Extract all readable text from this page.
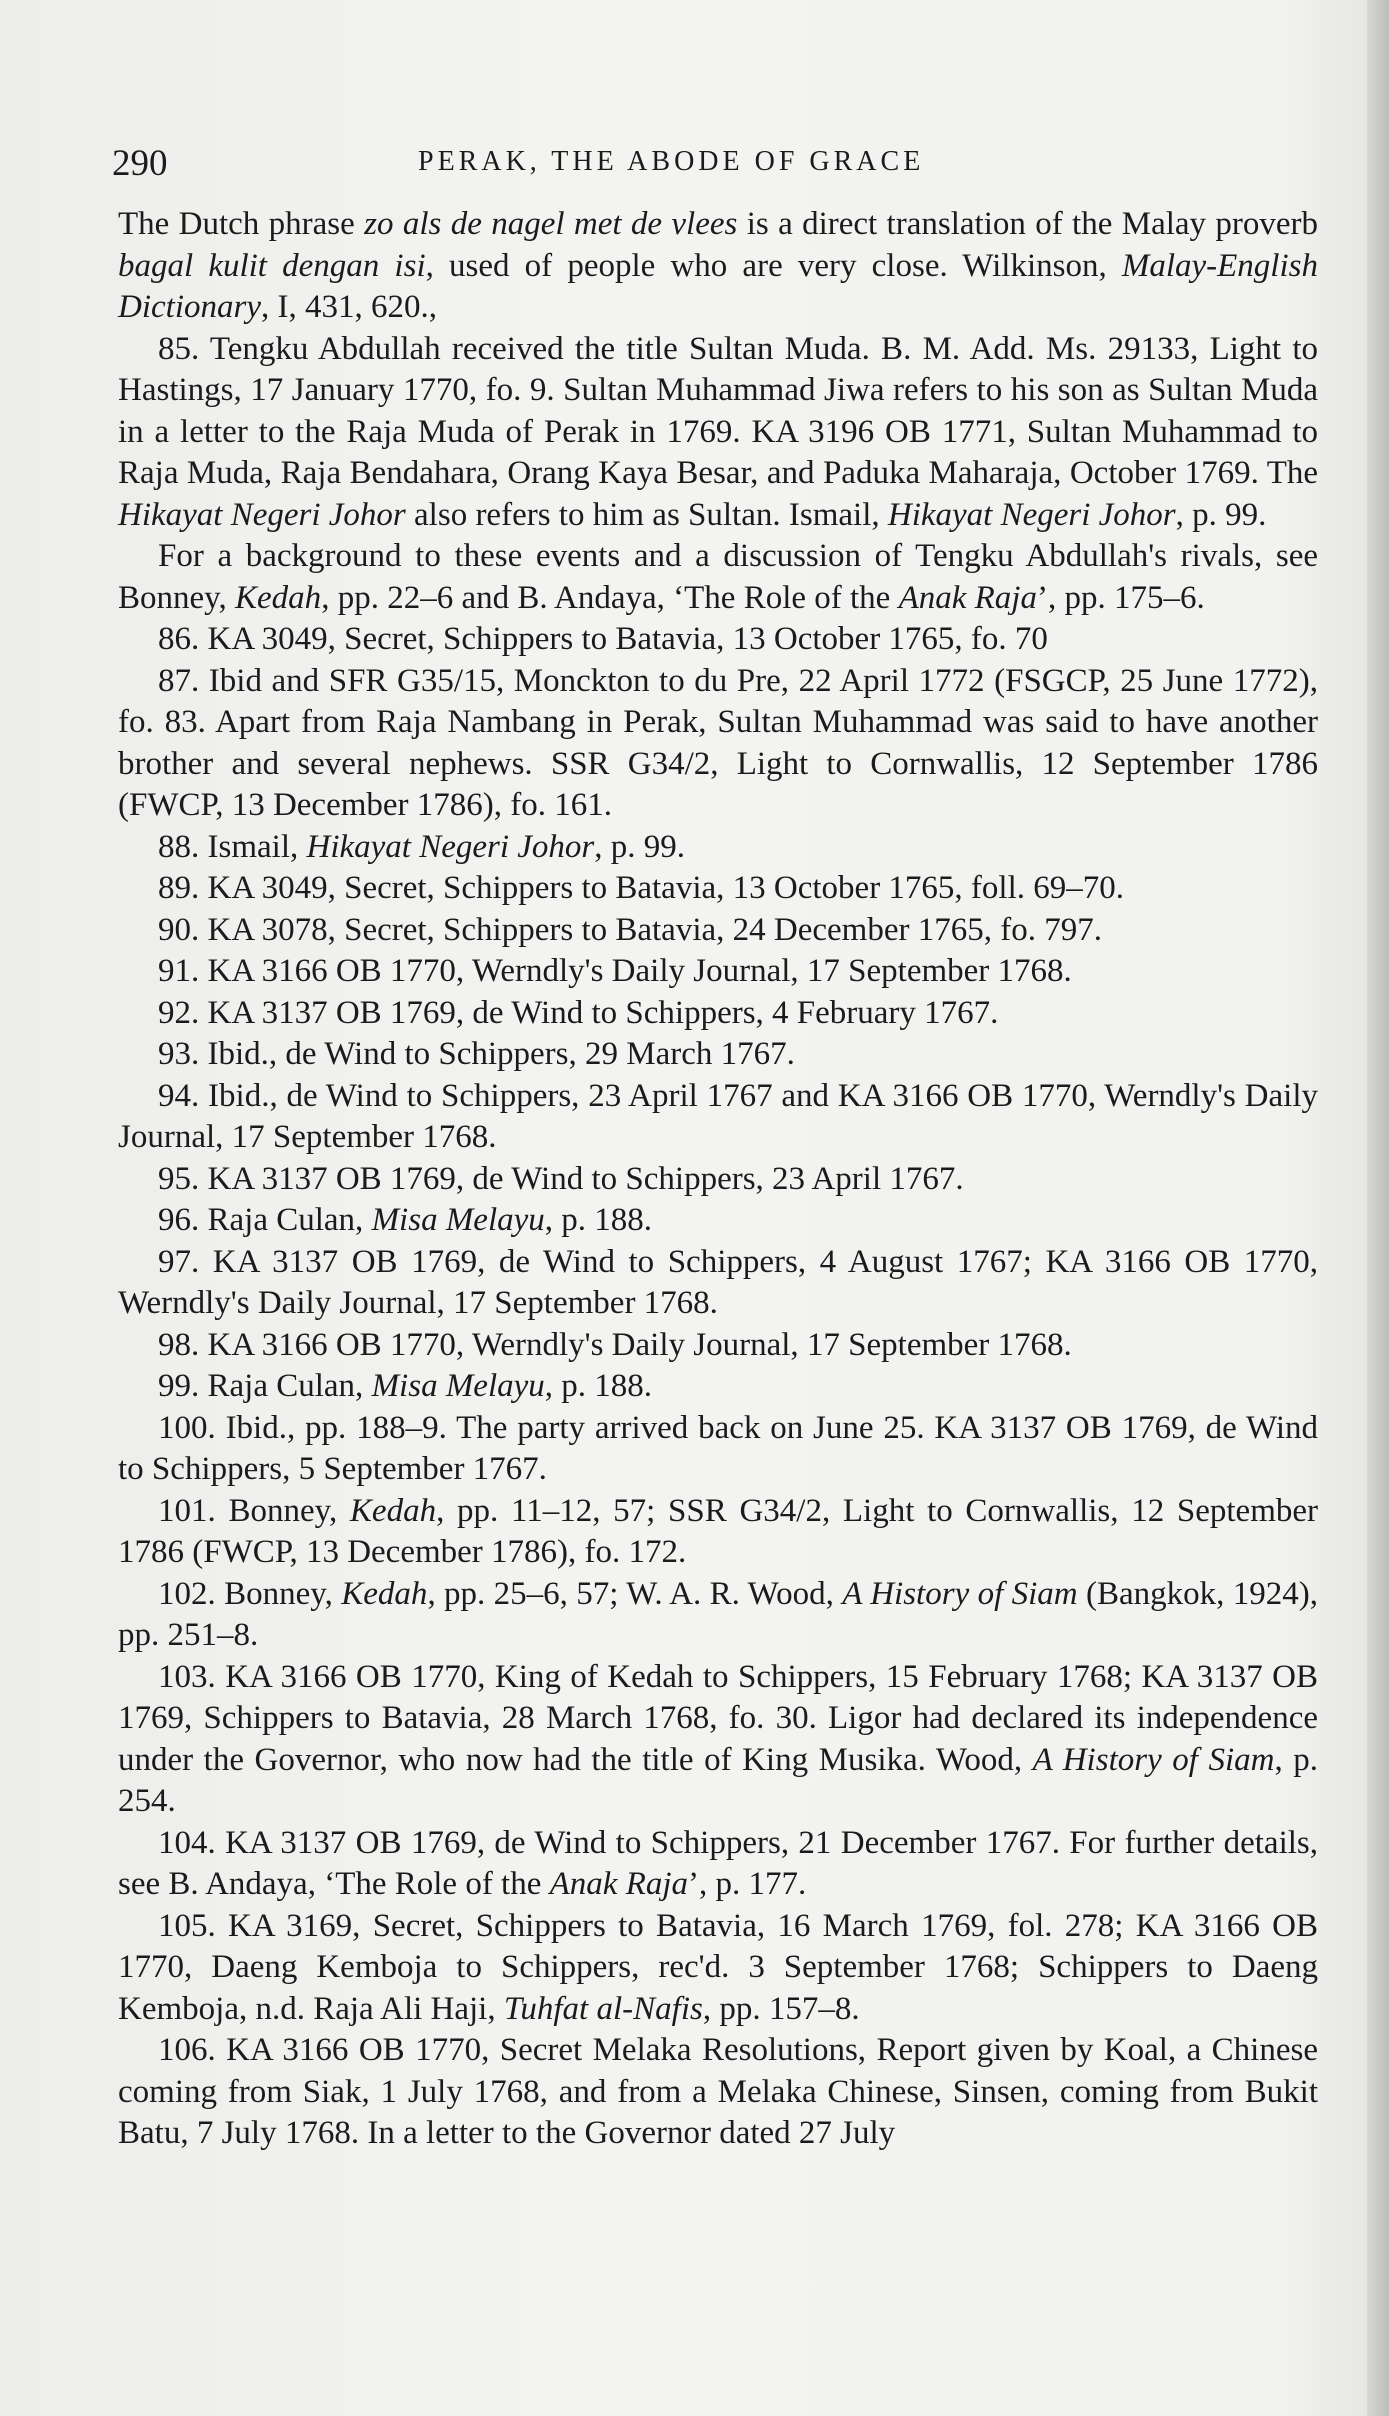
290	PERAK, THE ABODE OF GRACE

The Dutch phrase zo als de nagel met de vlees is a direct translation of the Malay proverb bagal kulit dengan isi, used of people who are very close. Wilkinson, Malay-English Dictionary, I, 431, 620.,

85. Tengku Abdullah received the title Sultan Muda. B. M. Add. Ms. 29133, Light to Hastings, 17 January 1770, fo. 9. Sultan Muhammad Jiwa refers to his son as Sultan Muda in a letter to the Raja Muda of Perak in 1769. KA 3196 OB 1771, Sultan Muhammad to Raja Muda, Raja Bendahara, Orang Kaya Besar, and Paduka Maharaja, October 1769. The Hikayat Negeri Johor also refers to him as Sultan. Ismail, Hikayat Negeri Johor, p. 99.

For a background to these events and a discussion of Tengku Abdullah's rivals, see Bonney, Kedah, pp. 22–6 and B. Andaya, ‘The Role of the Anak Raja’, pp. 175–6.

86. KA 3049, Secret, Schippers to Batavia, 13 October 1765, fo. 70

87. Ibid and SFR G35/15, Monckton to du Pre, 22 April 1772 (FSGCP, 25 June 1772), fo. 83. Apart from Raja Nambang in Perak, Sultan Muhammad was said to have another brother and several nephews. SSR G34/2, Light to Cornwallis, 12 September 1786 (FWCP, 13 December 1786), fo. 161.

88. Ismail, Hikayat Negeri Johor, p. 99.

89. KA 3049, Secret, Schippers to Batavia, 13 October 1765, foll. 69–70.

90. KA 3078, Secret, Schippers to Batavia, 24 December 1765, fo. 797.

91. KA 3166 OB 1770, Werndly's Daily Journal, 17 September 1768.

92. KA 3137 OB 1769, de Wind to Schippers, 4 February 1767.

93. Ibid., de Wind to Schippers, 29 March 1767.

94. Ibid., de Wind to Schippers, 23 April 1767 and KA 3166 OB 1770, Werndly's Daily Journal, 17 September 1768.

95. KA 3137 OB 1769, de Wind to Schippers, 23 April 1767.

96. Raja Culan, Misa Melayu, p. 188.

97. KA 3137 OB 1769, de Wind to Schippers, 4 August 1767; KA 3166 OB 1770, Werndly's Daily Journal, 17 September 1768.

98. KA 3166 OB 1770, Werndly's Daily Journal, 17 September 1768.

99. Raja Culan, Misa Melayu, p. 188.

100. Ibid., pp. 188–9. The party arrived back on June 25. KA 3137 OB 1769, de Wind to Schippers, 5 September 1767.

101. Bonney, Kedah, pp. 11–12, 57; SSR G34/2, Light to Cornwallis, 12 September 1786 (FWCP, 13 December 1786), fo. 172.

102. Bonney, Kedah, pp. 25–6, 57; W. A. R. Wood, A History of Siam (Bangkok, 1924), pp. 251–8.

103. KA 3166 OB 1770, King of Kedah to Schippers, 15 February 1768; KA 3137 OB 1769, Schippers to Batavia, 28 March 1768, fo. 30. Ligor had declared its independence under the Governor, who now had the title of King Musika. Wood, A History of Siam, p. 254.

104. KA 3137 OB 1769, de Wind to Schippers, 21 December 1767. For further details, see B. Andaya, ‘The Role of the Anak Raja’, p. 177.

105. KA 3169, Secret, Schippers to Batavia, 16 March 1769, fol. 278; KA 3166 OB 1770, Daeng Kemboja to Schippers, rec'd. 3 September 1768; Schippers to Daeng Kemboja, n.d. Raja Ali Haji, Tuhfat al-Nafis, pp. 157–8.

106. KA 3166 OB 1770, Secret Melaka Resolutions, Report given by Koal, a Chinese coming from Siak, 1 July 1768, and from a Melaka Chinese, Sinsen, coming from Bukit Batu, 7 July 1768. In a letter to the Governor dated 27 July
